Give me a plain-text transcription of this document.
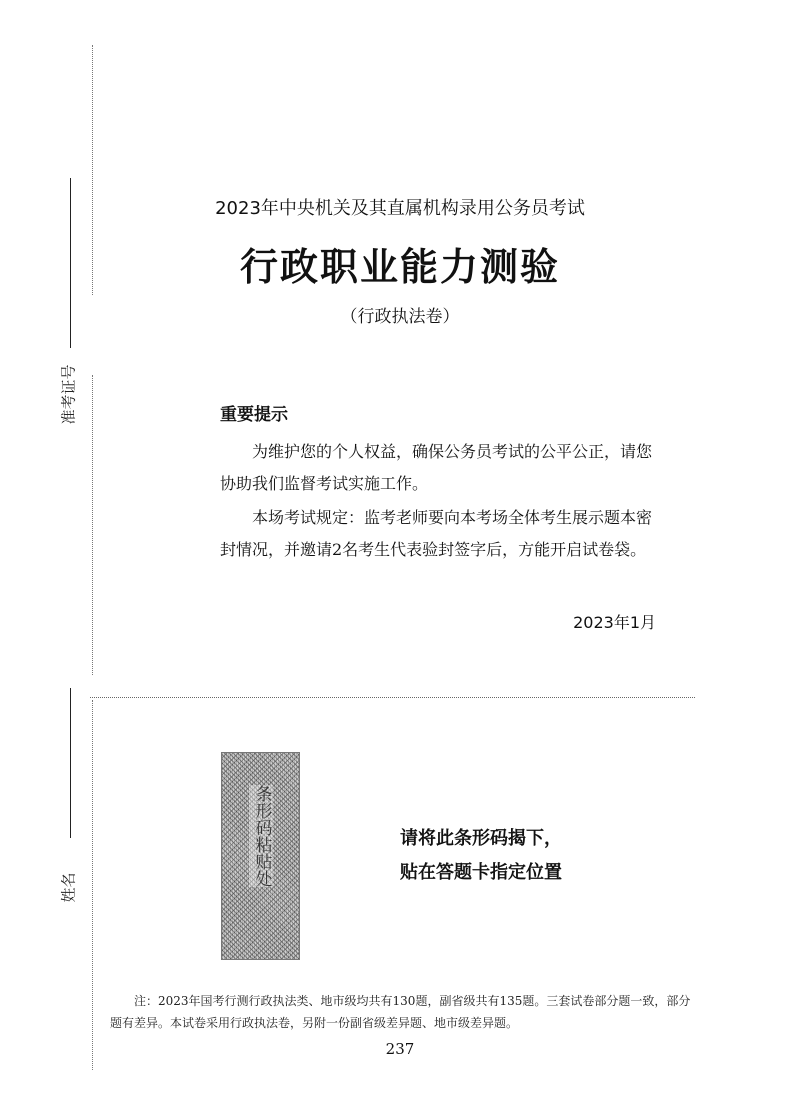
准考证号
姓名
2023年中央机关及其直属机构录用公务员考试
行政职业能力测验
（行政执法卷）
重要提示
为维护您的个人权益，确保公务员考试的公平公正，请您协助我们监督考试实施工作。
本场考试规定：监考老师要向本考场全体考生展示题本密封情况，并邀请2名考生代表验封签字后，方能开启试卷袋。
2023年1月
条形码粘贴处	请将此条形码揭下，
贴在答题卡指定位置
注：2023年国考行测行政执法类、地市级均共有130题，副省级共有135题。三套试卷部分题一致，部分题有差异。本试卷采用行政执法卷，另附一份副省级差异题、地市级差异题。
237
